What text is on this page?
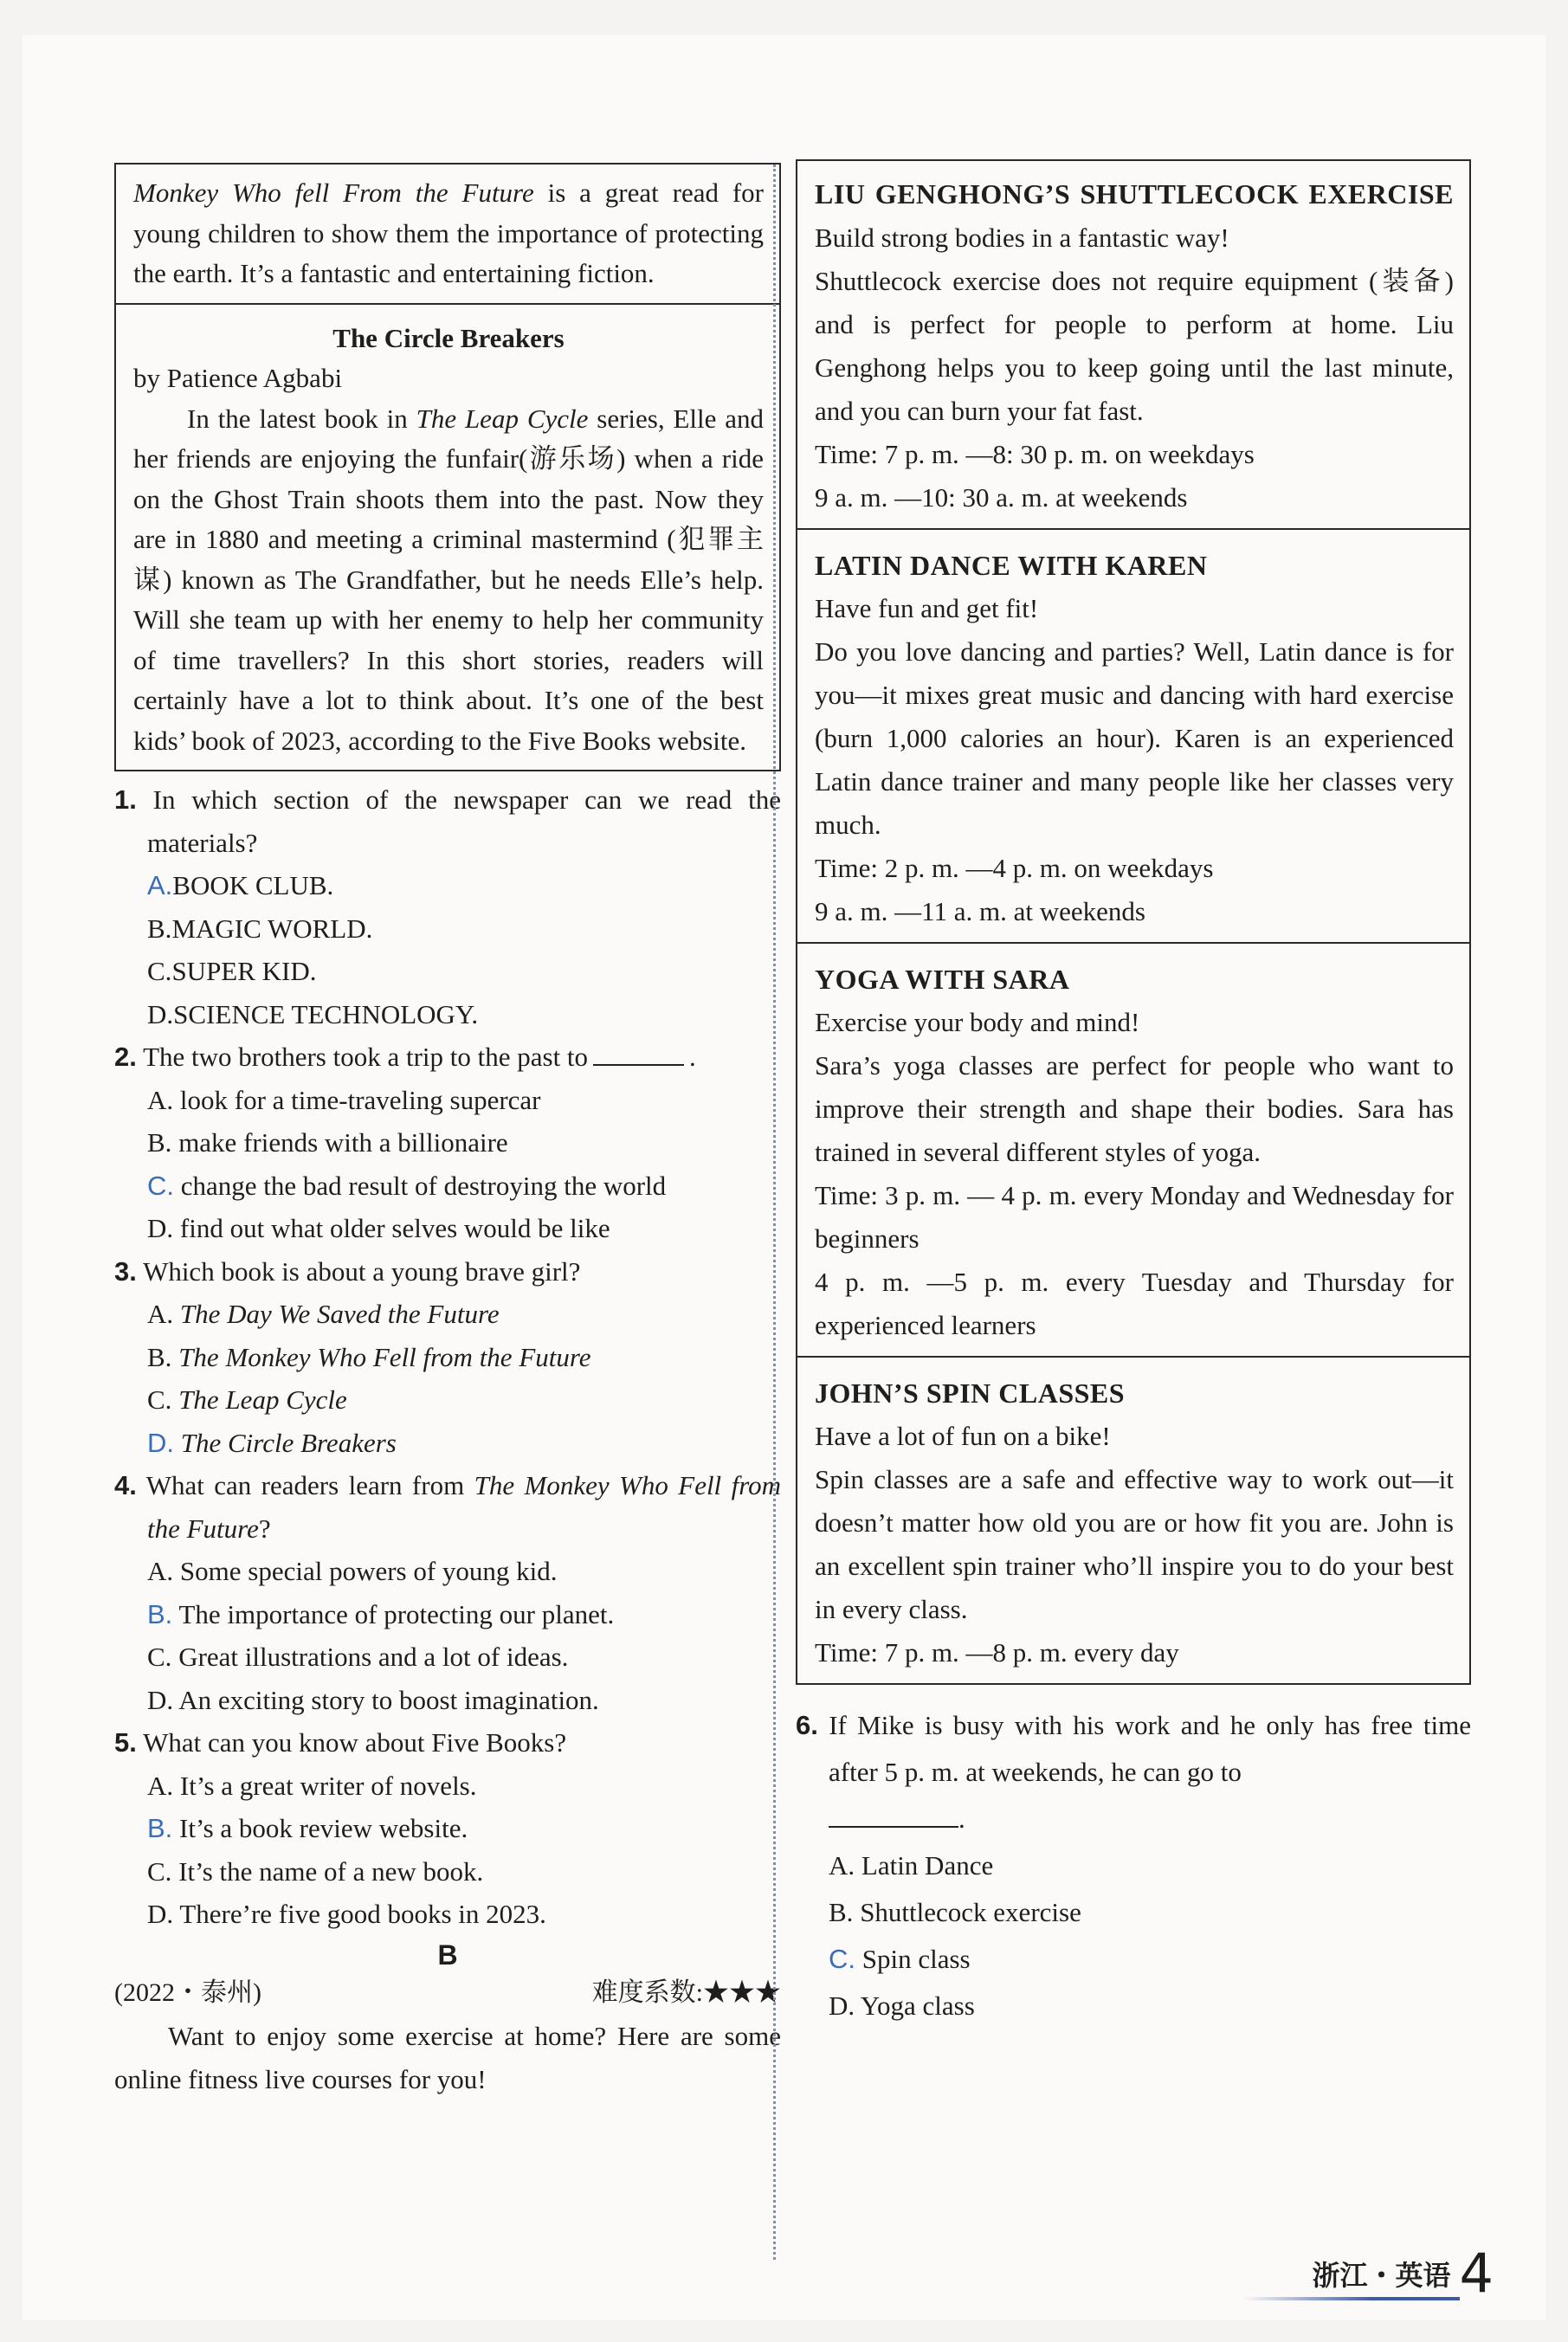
Monkey Who fell From the Future is a great read for young children to show them the importance of protecting the earth. It’s a fantastic and entertaining fiction.
The Circle Breakers
by Patience Agbabi
In the latest book in The Leap Cycle series, Elle and her friends are enjoying the funfair(游乐场) when a ride on the Ghost Train shoots them into the past. Now they are in 1880 and meeting a criminal mastermind (犯罪主谋) known as The Grandfather, but he needs Elle’s help. Will she team up with her enemy to help her community of time travellers? In this short stories, readers will certainly have a lot to think about. It’s one of the best kids’ book of 2023, according to the Five Books website.
1. In which section of the newspaper can we read the materials?
A.BOOK CLUB.
B.MAGIC WORLD.
C.SUPER KID.
D.SCIENCE TECHNOLOGY.
2. The two brothers took a trip to the past to	.
A. look for a time-traveling supercar
B. make friends with a billionaire
C. change the bad result of destroying the world
D. find out what older selves would be like
3. Which book is about a young brave girl?
A. The Day We Saved the Future
B. The Monkey Who Fell from the Future
C. The Leap Cycle
D. The Circle Breakers
4. What can readers learn from The Monkey Who Fell from the Future?
A. Some special powers of young kid.
B. The importance of protecting our planet.
C. Great illustrations and a lot of ideas.
D. An exciting story to boost imagination.
5. What can you know about Five Books?
A. It’s a great writer of novels.
B. It’s a book review website.
C. It’s the name of a new book.
D. There’re five good books in 2023.
B
(2022・泰州)	难度系数:★★★
Want to enjoy some exercise at home? Here are some online fitness live courses for you!
LIU GENGHONG’S SHUTTLECOCK EXERCISE
Build strong bodies in a fantastic way!
Shuttlecock exercise does not require equipment (装备) and is perfect for people to perform at home. Liu Genghong helps you to keep going until the last minute, and you can burn your fat fast.
Time: 7 p. m. —8: 30 p. m. on weekdays
9 a. m. —10: 30 a. m. at weekends
LATIN DANCE WITH KAREN
Have fun and get fit!
Do you love dancing and parties? Well, Latin dance is for you—it mixes great music and dancing with hard exercise (burn 1,000 calories an hour). Karen is an experienced Latin dance trainer and many people like her classes very much.
Time: 2 p. m. —4 p. m. on weekdays
9 a. m. —11 a. m. at weekends
YOGA WITH SARA
Exercise your body and mind!
Sara’s yoga classes are perfect for people who want to improve their strength and shape their bodies. Sara has trained in several different styles of yoga.
Time: 3 p. m. — 4 p. m. every Monday and Wednesday for beginners
4 p. m. —5 p. m. every Tuesday and Thursday for experienced learners
JOHN’S SPIN CLASSES
Have a lot of fun on a bike!
Spin classes are a safe and effective way to work out—it doesn’t matter how old you are or how fit you are. John is an excellent spin trainer who’ll inspire you to do your best in every class.
Time: 7 p. m. —8 p. m. every day
6. If Mike is busy with his work and he only has free time after 5 p. m. at weekends, he can go to
.
A. Latin Dance
B. Shuttlecock exercise
C. Spin class
D. Yoga class
浙江・英语 4
